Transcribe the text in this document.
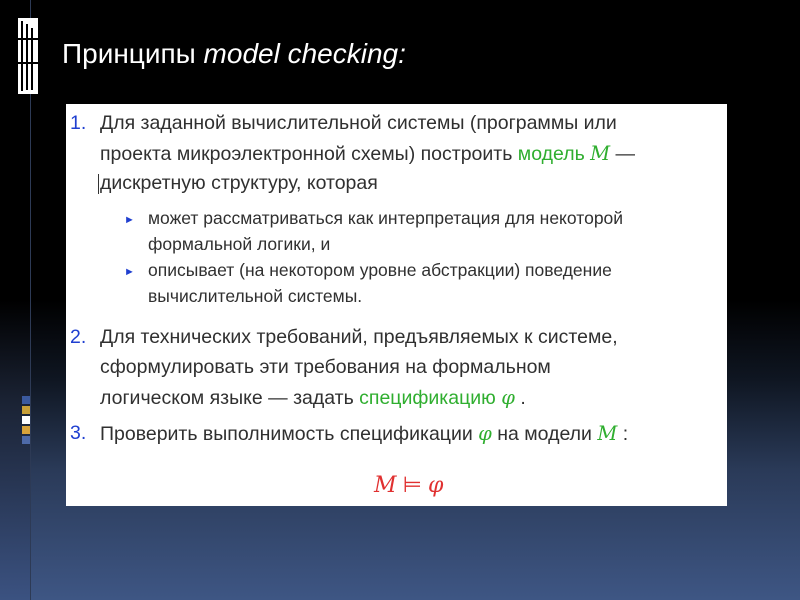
Принципы model checking:
1. Для заданной вычислительной системы (программы или
проекта микроэлектронной схемы) построить модель M —
дискретную структуру, которая
► может рассматриваться как интерпретация для некоторой
формальной логики, и
► описывает (на некотором уровне абстракции) поведение
вычислительной системы.
2. Для технических требований, предъявляемых к системе,
сформулировать эти требования на формальном
логическом языке — задать спецификацию φ .
3. Проверить выполнимость спецификации φ на модели M :
M ⊨ φ
